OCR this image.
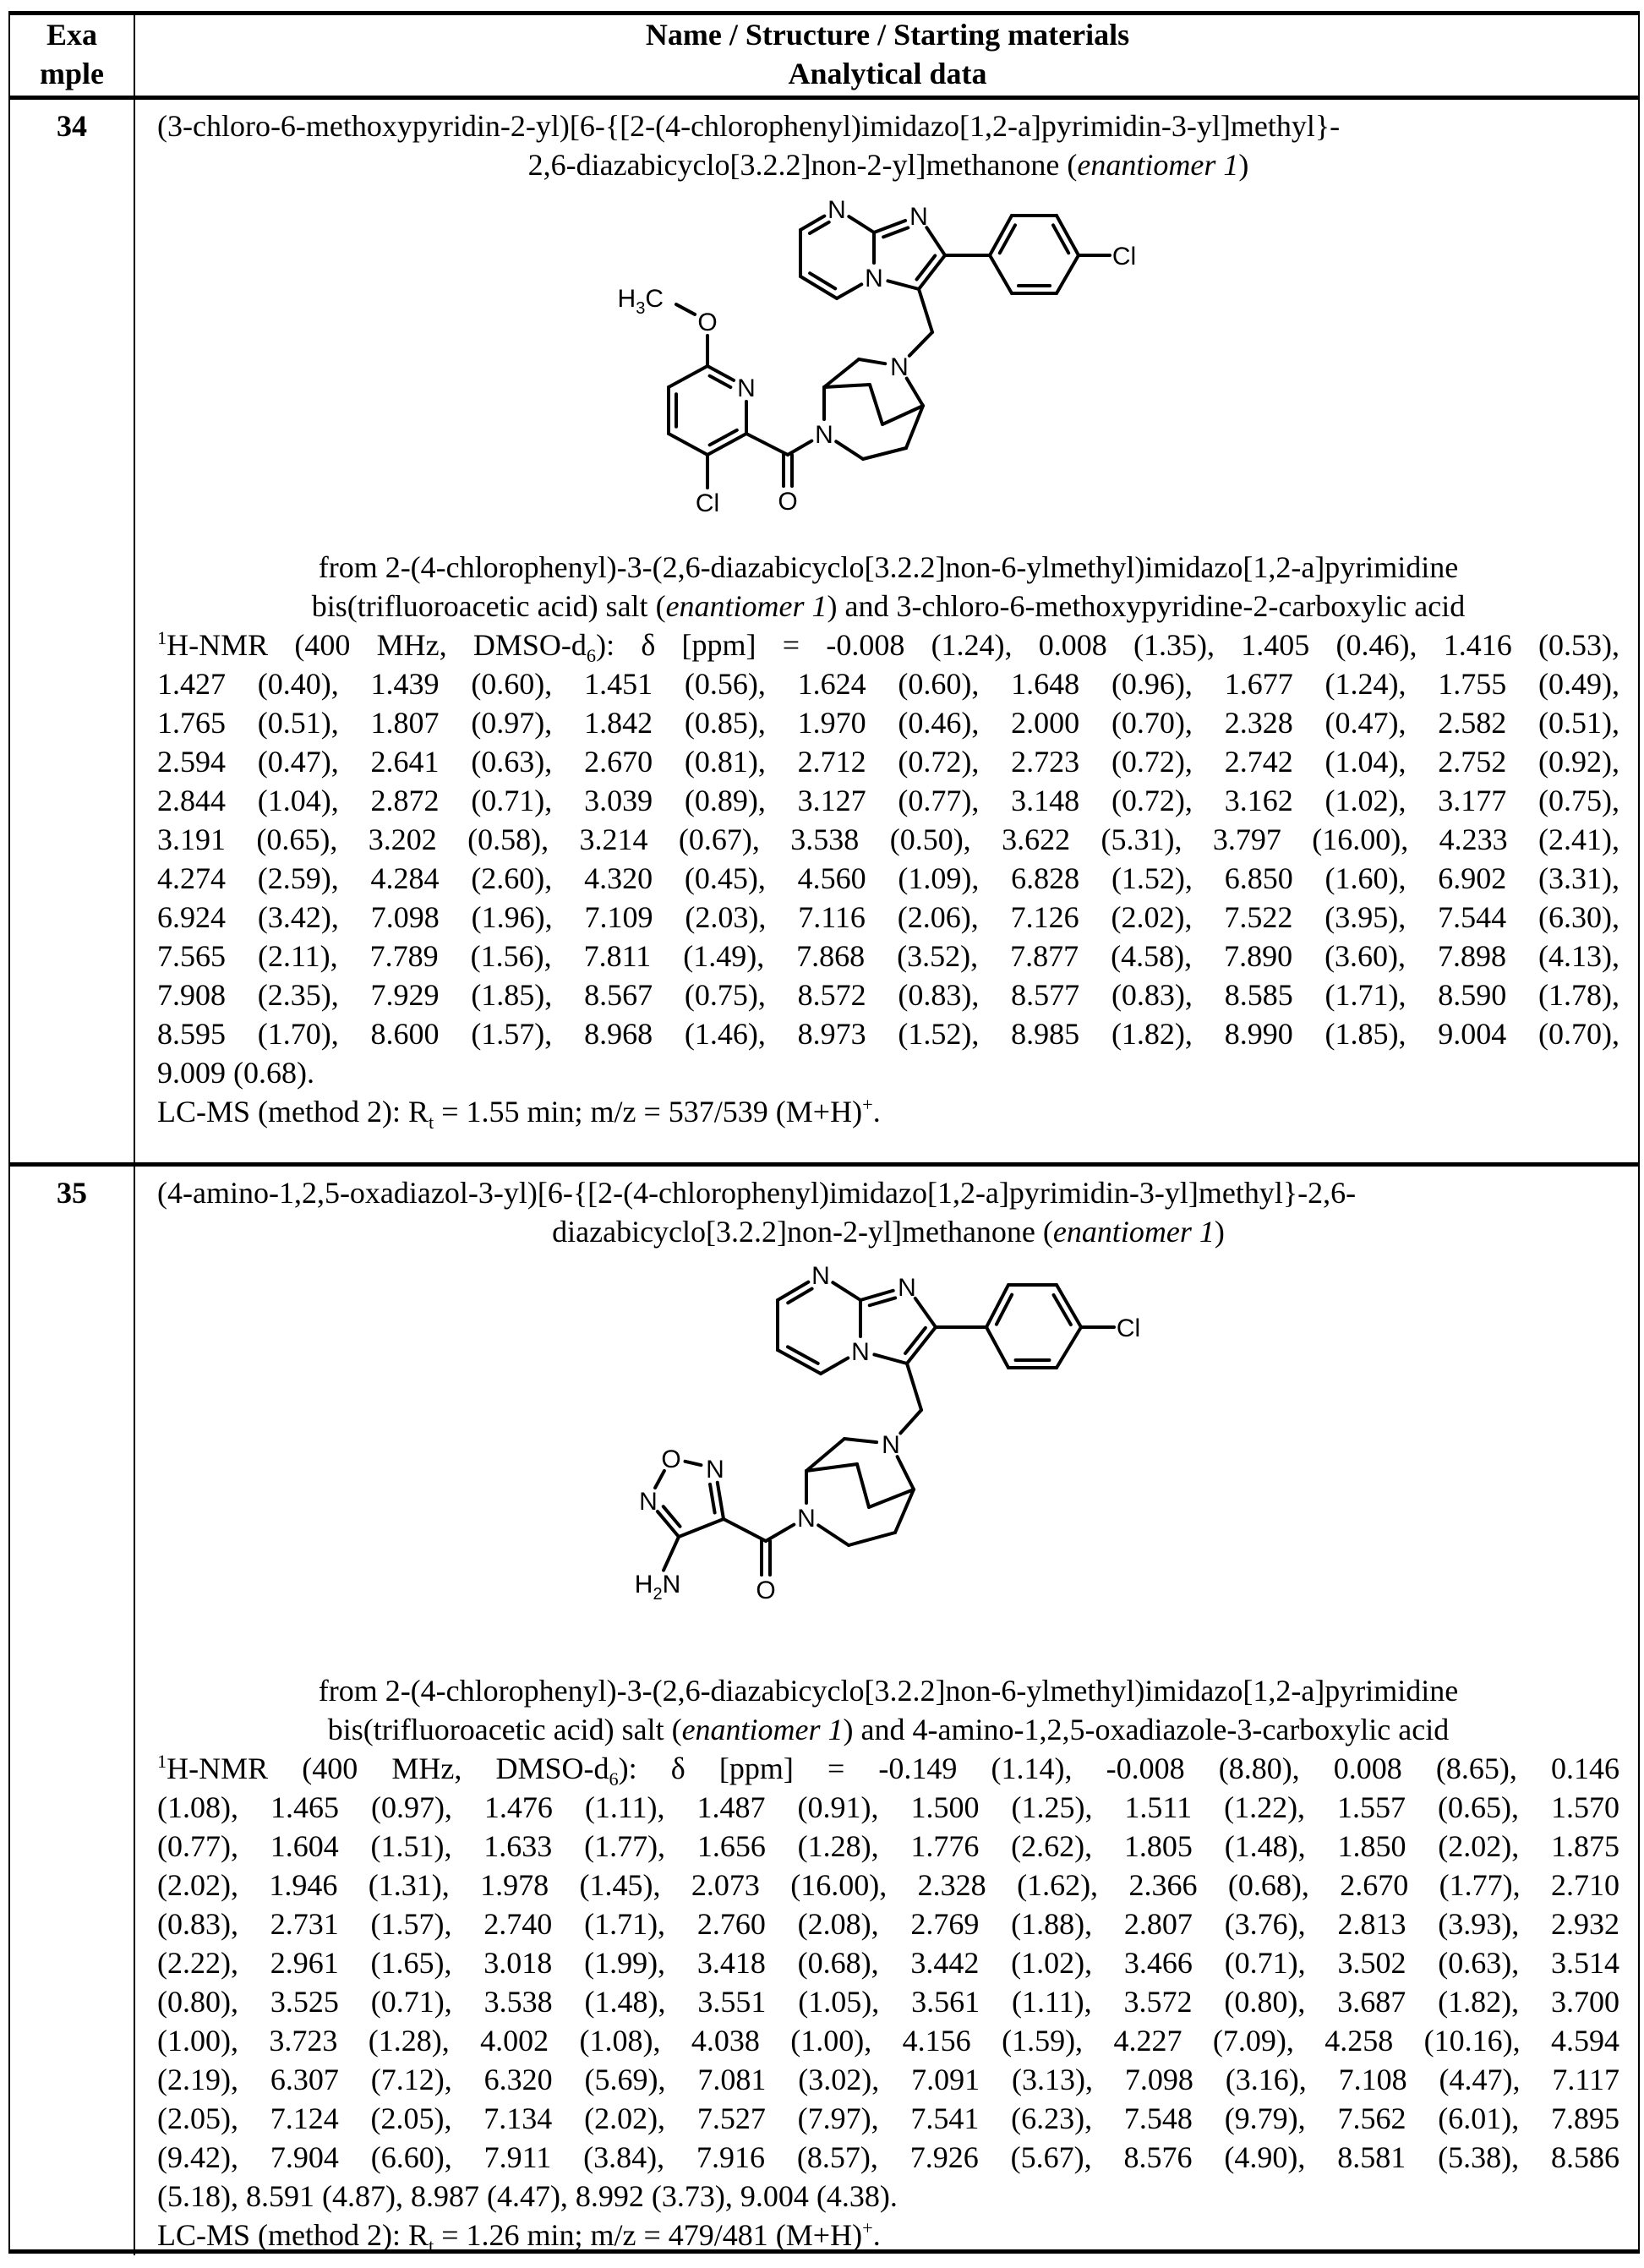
Exa
mple
Name / Structure / Starting materials
Analytical data
34	(3-chloro-6-methoxypyridin-2-yl)[6-{[2-(4-chlorophenyl)imidazo[1,2-a]pyrimidin-3-yl]methyl}-
2,6-diazabicyclo[3.2.2]non-2-yl]methanone (enantiomer 1)
from 2-(4-chlorophenyl)-3-(2,6-diazabicyclo[3.2.2]non-6-ylmethyl)imidazo[1,2-a]pyrimidine
bis(trifluoroacetic acid) salt (enantiomer 1) and 3-chloro-6-methoxypyridine-2-carboxylic acid
1H-NMR (400 MHz, DMSO-d6): δ [ppm] = -0.008 (1.24), 0.008 (1.35), 1.405 (0.46), 1.416 (0.53),
1.427 (0.40), 1.439 (0.60), 1.451 (0.56), 1.624 (0.60), 1.648 (0.96), 1.677 (1.24), 1.755 (0.49),
1.765 (0.51), 1.807 (0.97), 1.842 (0.85), 1.970 (0.46), 2.000 (0.70), 2.328 (0.47), 2.582 (0.51),
2.594 (0.47), 2.641 (0.63), 2.670 (0.81), 2.712 (0.72), 2.723 (0.72), 2.742 (1.04), 2.752 (0.92),
2.844 (1.04), 2.872 (0.71), 3.039 (0.89), 3.127 (0.77), 3.148 (0.72), 3.162 (1.02), 3.177 (0.75),
3.191 (0.65), 3.202 (0.58), 3.214 (0.67), 3.538 (0.50), 3.622 (5.31), 3.797 (16.00), 4.233 (2.41),
4.274 (2.59), 4.284 (2.60), 4.320 (0.45), 4.560 (1.09), 6.828 (1.52), 6.850 (1.60), 6.902 (3.31),
6.924 (3.42), 7.098 (1.96), 7.109 (2.03), 7.116 (2.06), 7.126 (2.02), 7.522 (3.95), 7.544 (6.30),
7.565 (2.11), 7.789 (1.56), 7.811 (1.49), 7.868 (3.52), 7.877 (4.58), 7.890 (3.60), 7.898 (4.13),
7.908 (2.35), 7.929 (1.85), 8.567 (0.75), 8.572 (0.83), 8.577 (0.83), 8.585 (1.71), 8.590 (1.78),
8.595 (1.70), 8.600 (1.57), 8.968 (1.46), 8.973 (1.52), 8.985 (1.82), 8.990 (1.85), 9.004 (0.70),
9.009 (0.68).
LC-MS (method 2): Rt = 1.55 min; m/z = 537/539 (M+H)+.
35	(4-amino-1,2,5-oxadiazol-3-yl)[6-{[2-(4-chlorophenyl)imidazo[1,2-a]pyrimidin-3-yl]methyl}-2,6-
diazabicyclo[3.2.2]non-2-yl]methanone (enantiomer 1)
from 2-(4-chlorophenyl)-3-(2,6-diazabicyclo[3.2.2]non-6-ylmethyl)imidazo[1,2-a]pyrimidine
bis(trifluoroacetic acid) salt (enantiomer 1) and 4-amino-1,2,5-oxadiazole-3-carboxylic acid
1H-NMR (400 MHz, DMSO-d6): δ [ppm] = -0.149 (1.14), -0.008 (8.80), 0.008 (8.65), 0.146
(1.08), 1.465 (0.97), 1.476 (1.11), 1.487 (0.91), 1.500 (1.25), 1.511 (1.22), 1.557 (0.65), 1.570
(0.77), 1.604 (1.51), 1.633 (1.77), 1.656 (1.28), 1.776 (2.62), 1.805 (1.48), 1.850 (2.02), 1.875
(2.02), 1.946 (1.31), 1.978 (1.45), 2.073 (16.00), 2.328 (1.62), 2.366 (0.68), 2.670 (1.77), 2.710
(0.83), 2.731 (1.57), 2.740 (1.71), 2.760 (2.08), 2.769 (1.88), 2.807 (3.76), 2.813 (3.93), 2.932
(2.22), 2.961 (1.65), 3.018 (1.99), 3.418 (0.68), 3.442 (1.02), 3.466 (0.71), 3.502 (0.63), 3.514
(0.80), 3.525 (0.71), 3.538 (1.48), 3.551 (1.05), 3.561 (1.11), 3.572 (0.80), 3.687 (1.82), 3.700
(1.00), 3.723 (1.28), 4.002 (1.08), 4.038 (1.00), 4.156 (1.59), 4.227 (7.09), 4.258 (10.16), 4.594
(2.19), 6.307 (7.12), 6.320 (5.69), 7.081 (3.02), 7.091 (3.13), 7.098 (3.16), 7.108 (4.47), 7.117
(2.05), 7.124 (2.05), 7.134 (2.02), 7.527 (7.97), 7.541 (6.23), 7.548 (9.79), 7.562 (6.01), 7.895
(9.42), 7.904 (6.60), 7.911 (3.84), 7.916 (8.57), 7.926 (5.67), 8.576 (4.90), 8.581 (5.38), 8.586
(5.18), 8.591 (4.87), 8.987 (4.47), 8.992 (3.73), 9.004 (4.38).
LC-MS (method 2): Rt = 1.26 min; m/z = 479/481 (M+H)+.
N
N
N
Cl
N
N
O
N
Cl
O
H3C
N
N
N
Cl
N
N
O
N
O
N
H2N
